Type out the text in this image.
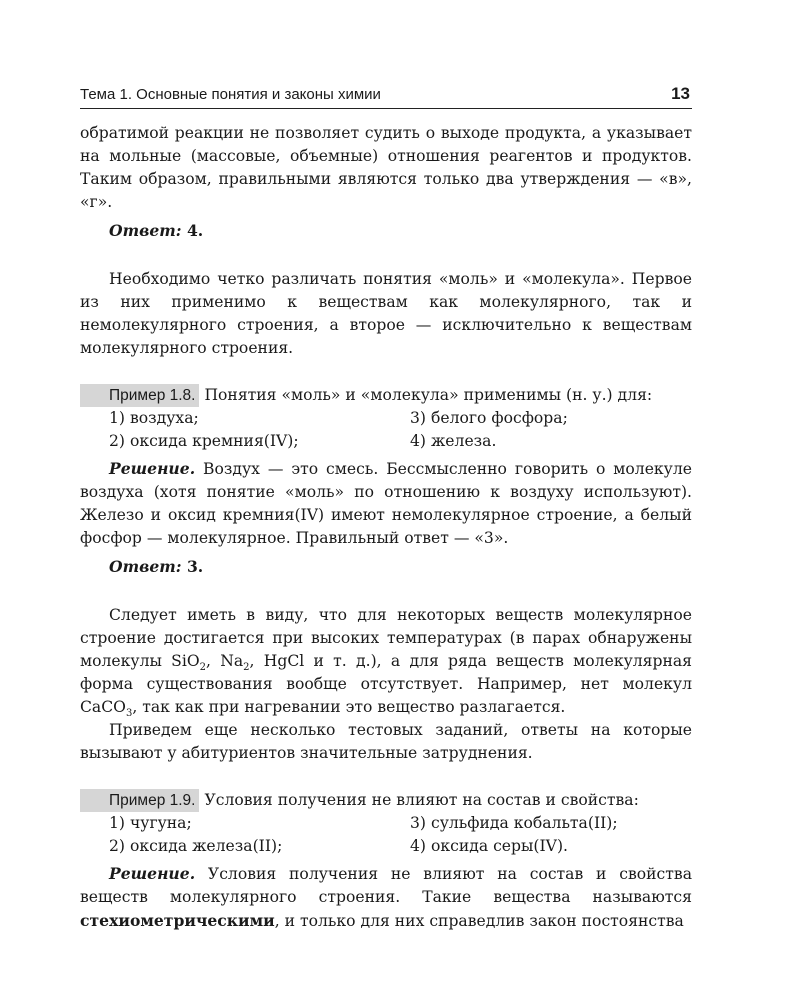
Тема 1. Основные понятия и законы химии	13

обратимой реакции не позволяет судить о выходе продукта, а указывает на мольные (массовые, объемные) отношения реагентов и продуктов. Таким образом, правильными являются только два утверждения — «в», «г».

Ответ: 4.

Необходимо четко различать понятия «моль» и «молекула». Первое из них применимо к веществам как молекулярного, так и немолекулярного строения, а второе — исключительно к веществам молекулярного строения.

Пример 1.8. Понятия «моль» и «молекула» применимы (н. у.) для:
1) воздуха;	3) белого фосфора;
2) оксида кремния(IV);	4) железа.

Решение. Воздух — это смесь. Бессмысленно говорить о молекуле воздуха (хотя понятие «моль» по отношению к воздуху используют). Железо и оксид кремния(IV) имеют немолекулярное строение, а белый фосфор — молекулярное. Правильный ответ — «3».

Ответ: 3.

Следует иметь в виду, что для некоторых веществ молекулярное строение достигается при высоких температурах (в парах обнаружены молекулы SiO$_2$, $Na_2$, HgCl и т. д.), а для ряда веществ молекулярная форма существования вообще отсутствует. Например, нет молекул CaCO$_3$, так как при нагревании это вещество разлагается.

Приведем еще несколько тестовых заданий, ответы на которые вызывают у абитуриентов значительные затруднения.

Пример 1.9. Условия получения не влияют на состав и свойства:
1) чугуна;	3) сульфида кобальта(II);
2) оксида железа(II);	4) оксида серы(IV).

Решение. Условия получения не влияют на состав и свойства веществ молекулярного строения. Такие вещества называются стехиометрическими, и только для них справедлив закон постоянства
